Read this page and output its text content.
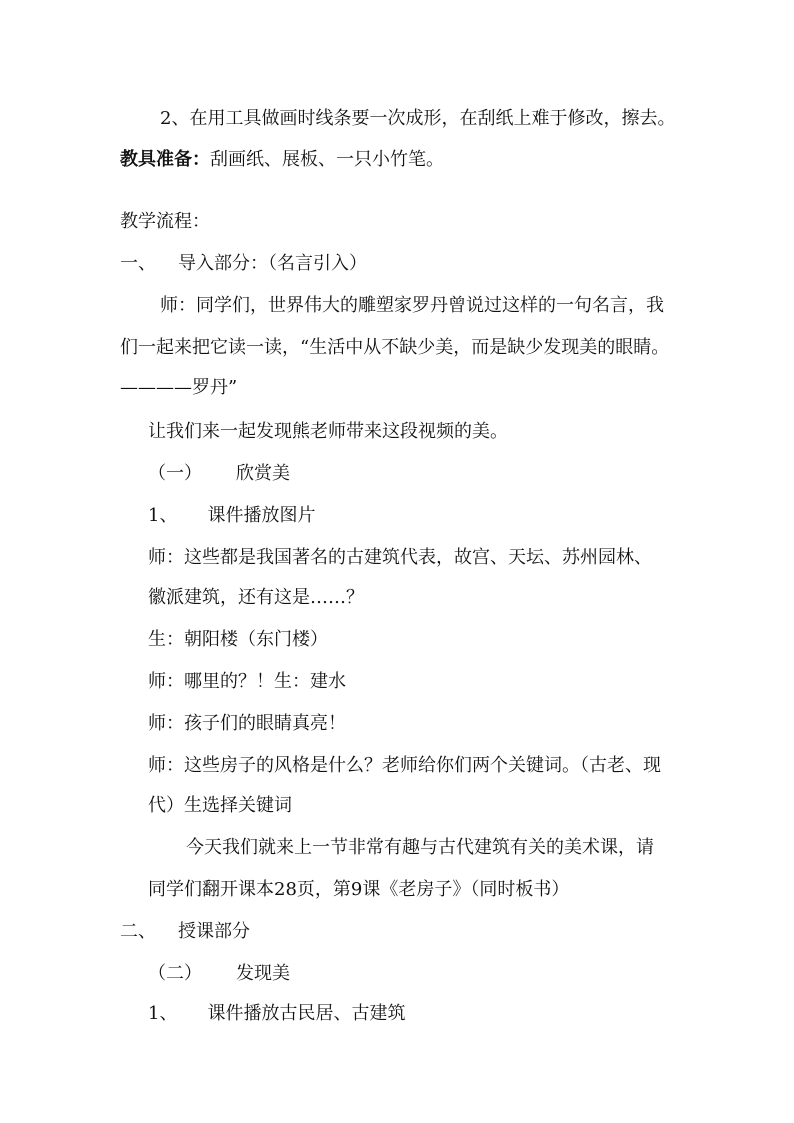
2、在用工具做画时线条要一次成形，在刮纸上难于修改，擦去。
教具准备：刮画纸、展板、一只小竹笔。
教学流程：
一、 导入部分：（名言引入）
师：同学们，世界伟大的雕塑家罗丹曾说过这样的一句名言，我
们一起来把它读一读，“生活中从不缺少美，而是缺少发现美的眼睛。
————罗丹”
让我们来一起发现熊老师带来这段视频的美。
（一） 欣赏美
1、 课件播放图片
师：这些都是我国著名的古建筑代表，故宫、天坛、苏州园林、
徽派建筑，还有这是……？
生：朝阳楼（东门楼）
师：哪里的？！生：建水
师：孩子们的眼睛真亮！
师：这些房子的风格是什么？老师给你们两个关键词。（古老、现
代）生选择关键词
今天我们就来上一节非常有趣与古代建筑有关的美术课，请
同学们翻开课本28页，第9课《老房子》（同时板书）
二、 授课部分
（二） 发现美
1、 课件播放古民居、古建筑
